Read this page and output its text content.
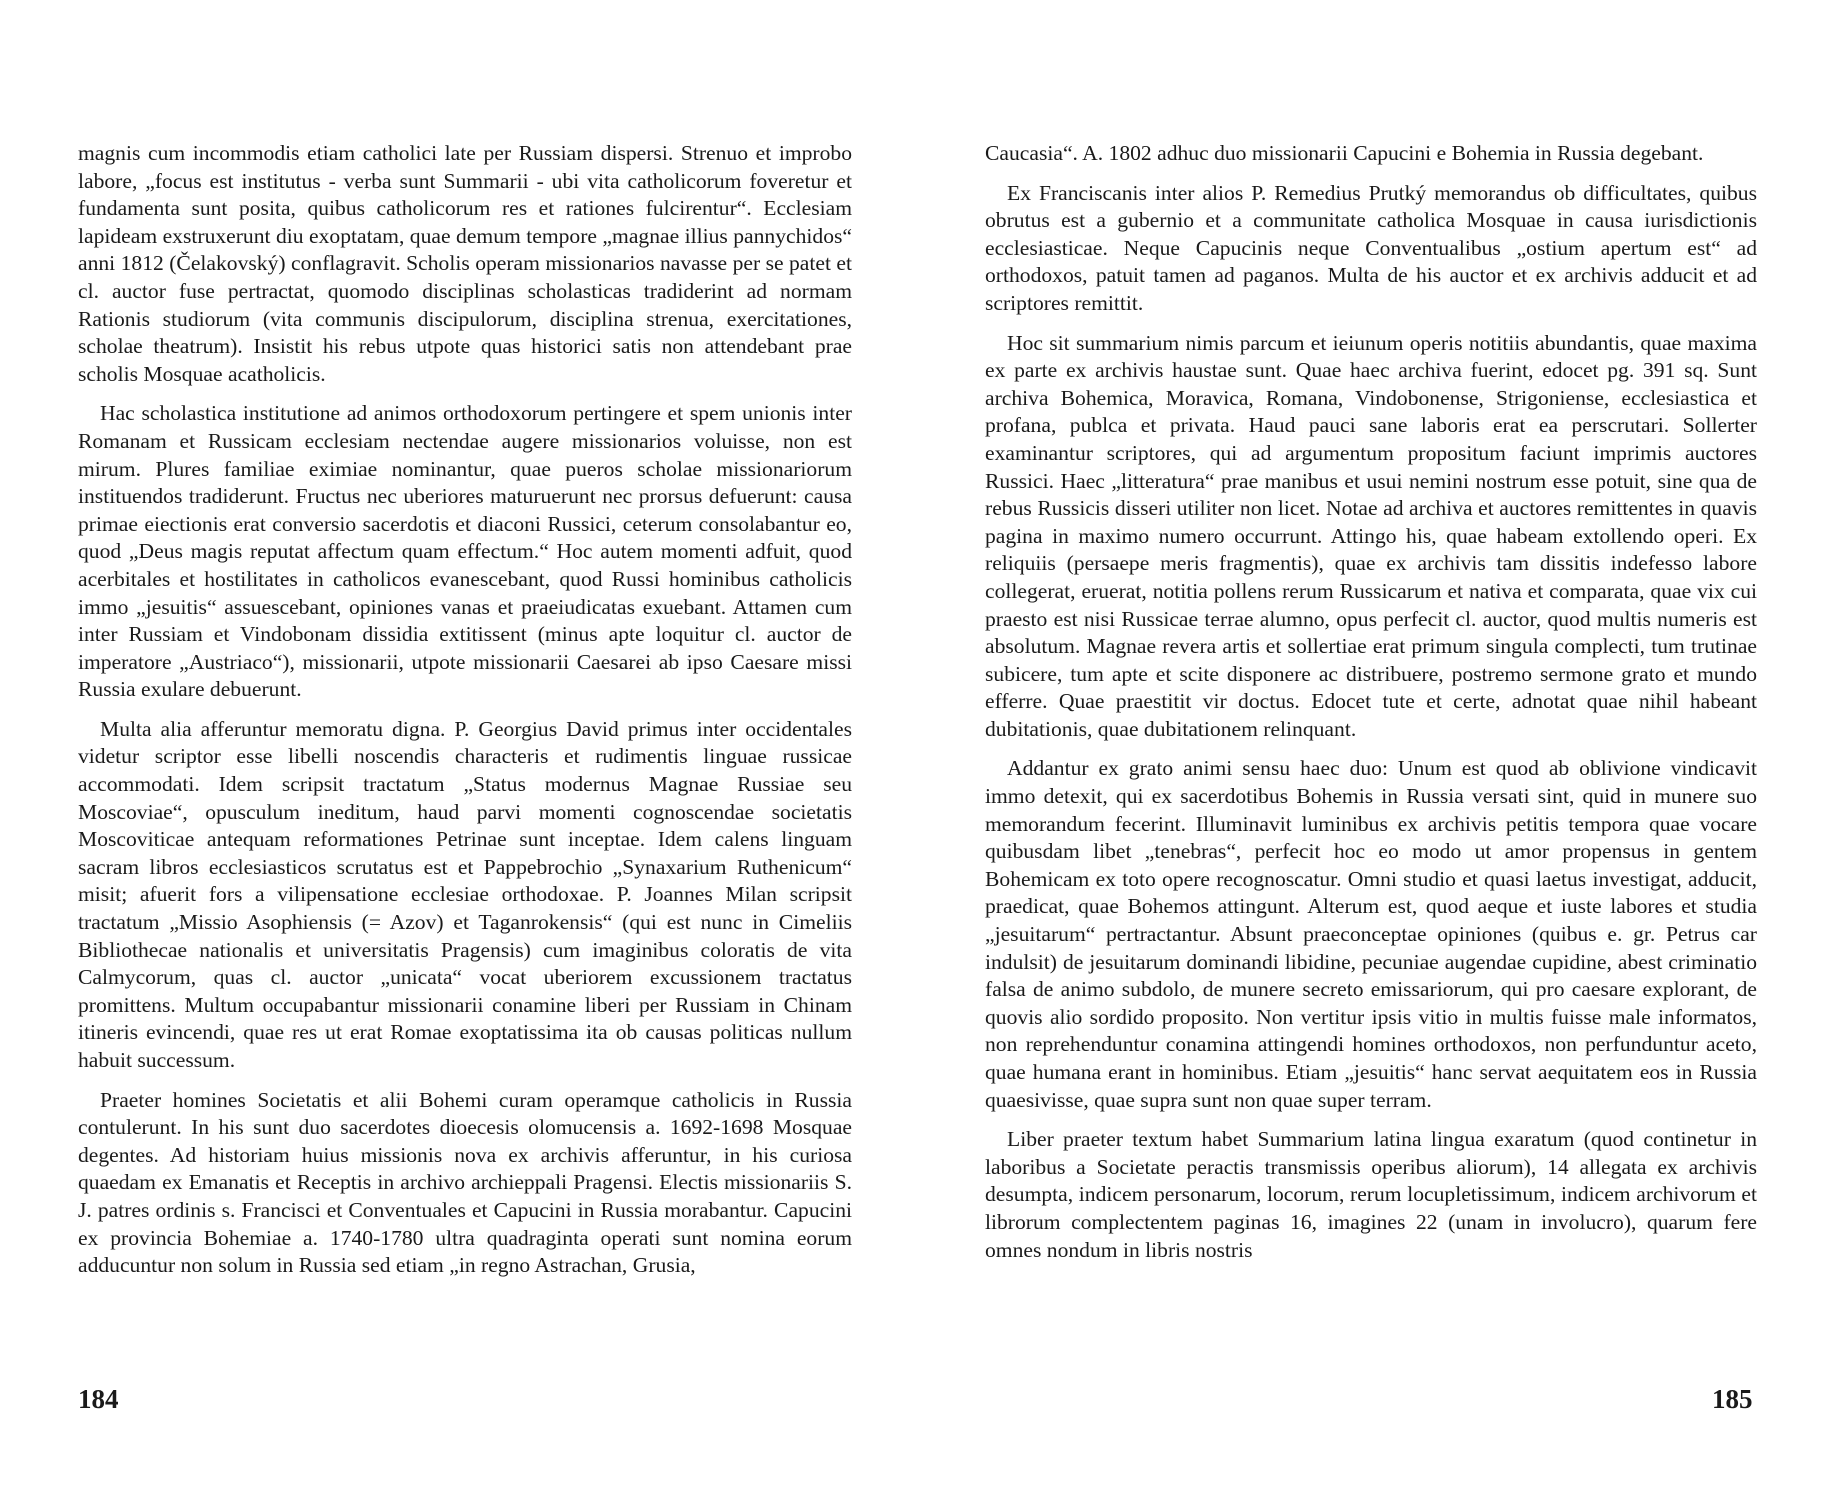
magnis cum incommodis etiam catholici late per Russiam dispersi. Strenuo et improbo labore, „focus est institutus - verba sunt Summarii - ubi vita catholicorum foveretur et fundamenta sunt posita, quibus catholicorum res et rationes fulcirentur“. Ecclesiam lapideam exstruxerunt diu exoptatam, quae demum tempore „magnae illius pannychidos“ anni 1812 (Čelakovský) conflagravit. Scholis operam missionarios navasse per se patet et cl. auctor fuse pertractat, quomodo disciplinas scholasticas tradiderint ad normam Rationis studiorum (vita communis discipulorum, disciplina strenua, exercitationes, scholae theatrum). Insistit his rebus utpote quas historici satis non attendebant prae scholis Mosquae acatholicis.

Hac scholastica institutione ad animos orthodoxorum pertingere et spem unionis inter Romanam et Russicam ecclesiam nectendae augere missionarios voluisse, non est mirum. Plures familiae eximiae nominantur, quae pueros scholae missionariorum instituendos tradiderunt. Fructus nec uberiores maturuerunt nec prorsus defuerunt: causa primae eiectionis erat conversio sacerdotis et diaconi Russici, ceterum consolabantur eo, quod „Deus magis reputat affectum quam effectum.“ Hoc autem momenti adfuit, quod acerbitales et hostilitates in catholicos evanescebant, quod Russi hominibus catholicis immo „jesuitis“ assuescebant, opiniones vanas et praeiudicatas exuebant. Attamen cum inter Russiam et Vindobonam dissidia extitissent (minus apte loquitur cl. auctor de imperatore „Austriaco“), missionarii, utpote missionarii Caesarei ab ipso Caesare missi Russia exulare debuerunt.

Multa alia afferuntur memoratu digna. P. Georgius David primus inter occidentales videtur scriptor esse libelli noscendis characteris et rudimentis linguae russicae accommodati. Idem scripsit tractatum „Status modernus Magnae Russiae seu Moscoviae“, opusculum ineditum, haud parvi momenti cognoscendae societatis Moscoviticae antequam reformationes Petrinae sunt inceptae. Idem calens linguam sacram libros ecclesiasticos scrutatus est et Pappebrochio „Synaxarium Ruthenicum“ misit; afuerit fors a vilipensatione ecclesiae orthodoxae. P. Joannes Milan scripsit tractatum „Missio Asophiensis (= Azov) et Taganrokensis“ (qui est nunc in Cimeliis Bibliothecae nationalis et universitatis Pragensis) cum imaginibus coloratis de vita Calmycorum, quas cl. auctor „unicata“ vocat uberiorem excussionem tractatus promittens. Multum occupabantur missionarii conamine liberi per Russiam in Chinam itineris evincendi, quae res ut erat Romae exoptatissima ita ob causas politicas nullum habuit successum.

Praeter homines Societatis et alii Bohemi curam operamque catholicis in Russia contulerunt. In his sunt duo sacerdotes dioecesis olomucensis a. 1692-1698 Mosquae degentes. Ad historiam huius missionis nova ex archivis afferuntur, in his curiosa quaedam ex Emanatis et Receptis in archivo archieppali Pragensi. Electis missionariis S. J. patres ordinis s. Francisci et Conventuales et Capucini in Russia morabantur. Capucini ex provincia Bohemiae a. 1740-1780 ultra quadraginta operati sunt nomina eorum adducuntur non solum in Russia sed etiam „in regno Astrachan, Grusia,

184

Caucasia“. A. 1802 adhuc duo missionarii Capucini e Bohemia in Russia degebant.

Ex Franciscanis inter alios P. Remedius Prutký memorandus ob difficultates, quibus obrutus est a gubernio et a communitate catholica Mosquae in causa iurisdictionis ecclesiasticae. Neque Capucinis neque Conventualibus „ostium apertum est“ ad orthodoxos, patuit tamen ad paganos. Multa de his auctor et ex archivis adducit et ad scriptores remittit.

Hoc sit summarium nimis parcum et ieiunum operis notitiis abundantis, quae maxima ex parte ex archivis haustae sunt. Quae haec archiva fuerint, edocet pg. 391 sq. Sunt archiva Bohemica, Moravica, Romana, Vindobonense, Strigoniense, ecclesiastica et profana, publca et privata. Haud pauci sane laboris erat ea perscrutari. Sollerter examinantur scriptores, qui ad argumentum propositum faciunt imprimis auctores Russici. Haec „litteratura“ prae manibus et usui nemini nostrum esse potuit, sine qua de rebus Russicis disseri utiliter non licet. Notae ad archiva et auctores remittentes in quavis pagina in maximo numero occurrunt. Attingo his, quae habeam extollendo operi. Ex reliquiis (persaepe meris fragmentis), quae ex archivis tam dissitis indefesso labore collegerat, eruerat, notitia pollens rerum Russicarum et nativa et comparata, quae vix cui praesto est nisi Russicae terrae alumno, opus perfecit cl. auctor, quod multis numeris est absolutum. Magnae revera artis et sollertiae erat primum singula complecti, tum trutinae subicere, tum apte et scite disponere ac distribuere, postremo sermone grato et mundo efferre. Quae praestitit vir doctus. Edocet tute et certe, adnotat quae nihil habeant dubitationis, quae dubitationem relinquant.

Addantur ex grato animi sensu haec duo: Unum est quod ab oblivione vindicavit immo detexit, qui ex sacerdotibus Bohemis in Russia versati sint, quid in munere suo memorandum fecerint. Illuminavit luminibus ex archivis petitis tempora quae vocare quibusdam libet „tenebras“, perfecit hoc eo modo ut amor propensus in gentem Bohemicam ex toto opere recognoscatur. Omni studio et quasi laetus investigat, adducit, praedicat, quae Bohemos attingunt. Alterum est, quod aeque et iuste labores et studia „jesuitarum“ pertractantur. Absunt praeconceptae opiniones (quibus e. gr. Petrus car indulsit) de jesuitarum dominandi libidine, pecuniae augendae cupidine, abest criminatio falsa de animo subdolo, de munere secreto emissariorum, qui pro caesare explorant, de quovis alio sordido proposito. Non vertitur ipsis vitio in multis fuisse male informatos, non reprehenduntur conamina attingendi homines orthodoxos, non perfunduntur aceto, quae humana erant in hominibus. Etiam „jesuitis“ hanc servat aequitatem eos in Russia quaesivisse, quae supra sunt non quae super terram.

Liber praeter textum habet Summarium latina lingua exaratum (quod continetur in laboribus a Societate peractis transmissis operibus aliorum), 14 allegata ex archivis desumpta, indicem personarum, locorum, rerum locupletissimum, indicem archivorum et librorum complectentem paginas 16, imagines 22 (unam in involucro), quarum fere omnes nondum in libris nostris

185
